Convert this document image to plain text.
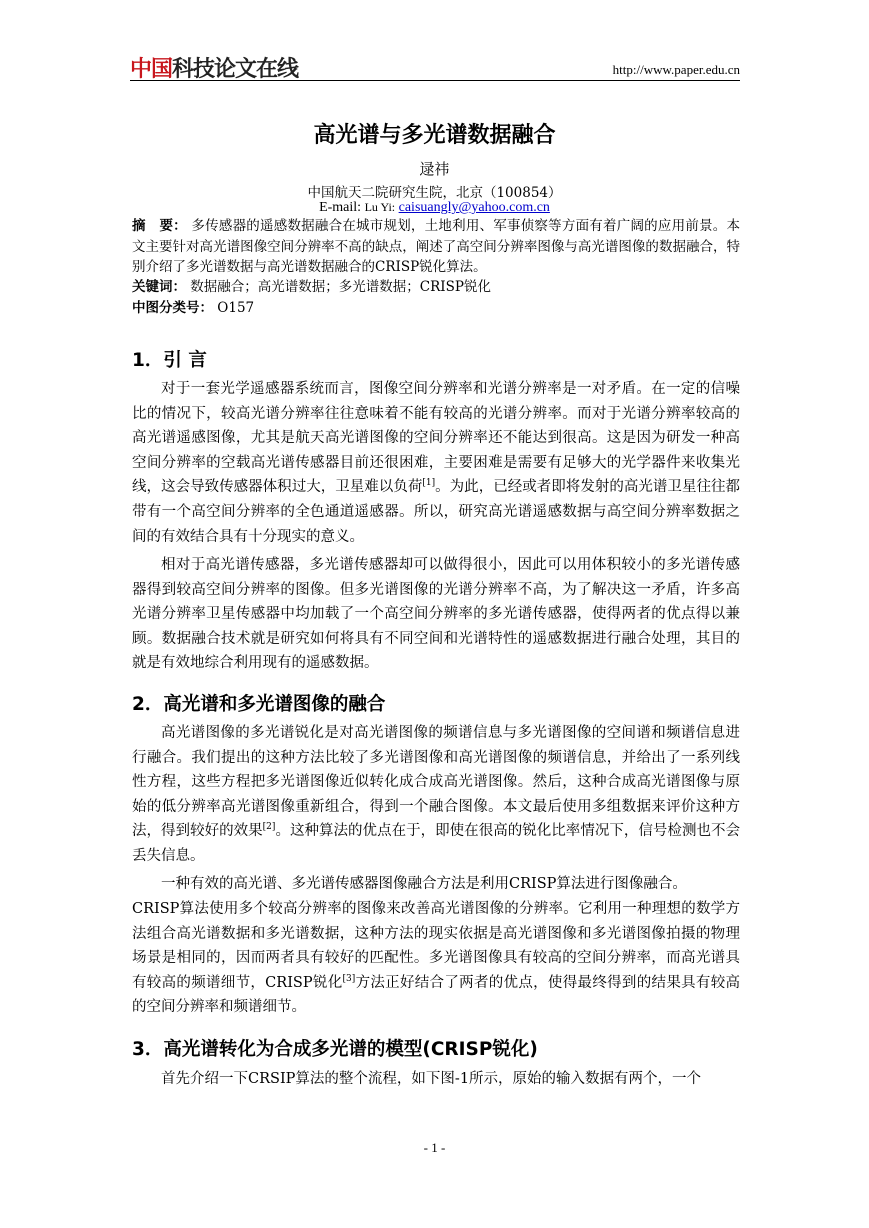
中国科技论文在线	http://www.paper.edu.cn
高光谱与多光谱数据融合
逯祎
中国航天二院研究生院，北京（100854）
E-mail: Lu Yi: caisuangly@yahoo.com.cn
摘　要： 多传感器的遥感数据融合在城市规划，土地利用、军事侦察等方面有着广阔的应用前景。本文主要针对高光谱图像空间分辨率不高的缺点，阐述了高空间分辨率图像与高光谱图像的数据融合，特别介绍了多光谱数据与高光谱数据融合的CRISP锐化算法。
关键词： 数据融合；高光谱数据；多光谱数据；CRISP锐化
中图分类号： O157
1．引 言

对于一套光学遥感器系统而言，图像空间分辨率和光谱分辨率是一对矛盾。在一定的信噪比的情况下，较高光谱分辨率往往意味着不能有较高的光谱分辨率。而对于光谱分辨率较高的高光谱遥感图像，尤其是航天高光谱图像的空间分辨率还不能达到很高。这是因为研发一种高空间分辨率的空载高光谱传感器目前还很困难，主要困难是需要有足够大的光学器件来收集光线，这会导致传感器体积过大，卫星难以负荷[1]。为此，已经或者即将发射的高光谱卫星往往都带有一个高空间分辨率的全色通道遥感器。所以，研究高光谱遥感数据与高空间分辨率数据之间的有效结合具有十分现实的意义。

相对于高光谱传感器，多光谱传感器却可以做得很小，因此可以用体积较小的多光谱传感器得到较高空间分辨率的图像。但多光谱图像的光谱分辨率不高，为了解决这一矛盾，许多高光谱分辨率卫星传感器中均加载了一个高空间分辨率的多光谱传感器，使得两者的优点得以兼顾。数据融合技术就是研究如何将具有不同空间和光谱特性的遥感数据进行融合处理，其目的就是有效地综合利用现有的遥感数据。

2．高光谱和多光谱图像的融合

高光谱图像的多光谱锐化是对高光谱图像的频谱信息与多光谱图像的空间谱和频谱信息进行融合。我们提出的这种方法比较了多光谱图像和高光谱图像的频谱信息，并给出了一系列线性方程，这些方程把多光谱图像近似转化成合成高光谱图像。然后，这种合成高光谱图像与原始的低分辨率高光谱图像重新组合，得到一个融合图像。本文最后使用多组数据来评价这种方法，得到较好的效果[2]。这种算法的优点在于，即使在很高的锐化比率情况下，信号检测也不会丢失信息。

一种有效的高光谱、多光谱传感器图像融合方法是利用CRISP算法进行图像融合。

CRISP算法使用多个较高分辨率的图像来改善高光谱图像的分辨率。它利用一种理想的数学方法组合高光谱数据和多光谱数据，这种方法的现实依据是高光谱图像和多光谱图像拍摄的物理场景是相同的，因而两者具有较好的匹配性。多光谱图像具有较高的空间分辨率，而高光谱具有较高的频谱细节，CRISP锐化[3]方法正好结合了两者的优点，使得最终得到的结果具有较高的空间分辨率和频谱细节。

3．高光谱转化为合成多光谱的模型(CRISP锐化)

首先介绍一下CRSIP算法的整个流程，如下图-1所示，原始的输入数据有两个，一个

- 1 -
